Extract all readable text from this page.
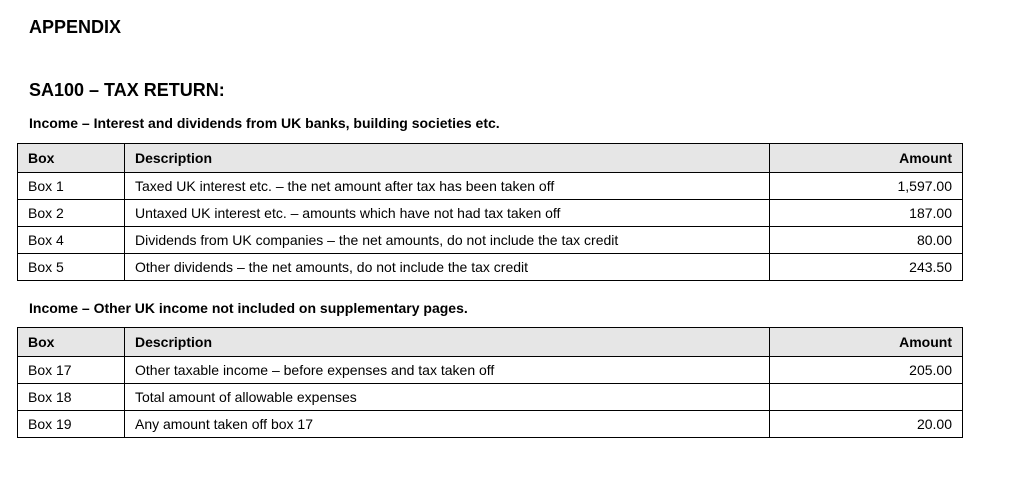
APPENDIX
SA100 – TAX RETURN:

Income – Interest and dividends from UK banks, building societies etc.

Box	Description	Amount
Box 1	Taxed UK interest etc. – the net amount after tax has been taken off	1,597.00
Box 2	Untaxed UK interest etc. – amounts which have not had tax taken off	187.00
Box 4	Dividends from UK companies – the net amounts, do not include the tax credit	80.00
Box 5	Other dividends – the net amounts, do not include the tax credit	243.50

Income – Other UK income not included on supplementary pages.

Box	Description	Amount
Box 17	Other taxable income – before expenses and tax taken off	205.00
Box 18	Total amount of allowable expenses	
Box 19	Any amount taken off box 17	20.00
